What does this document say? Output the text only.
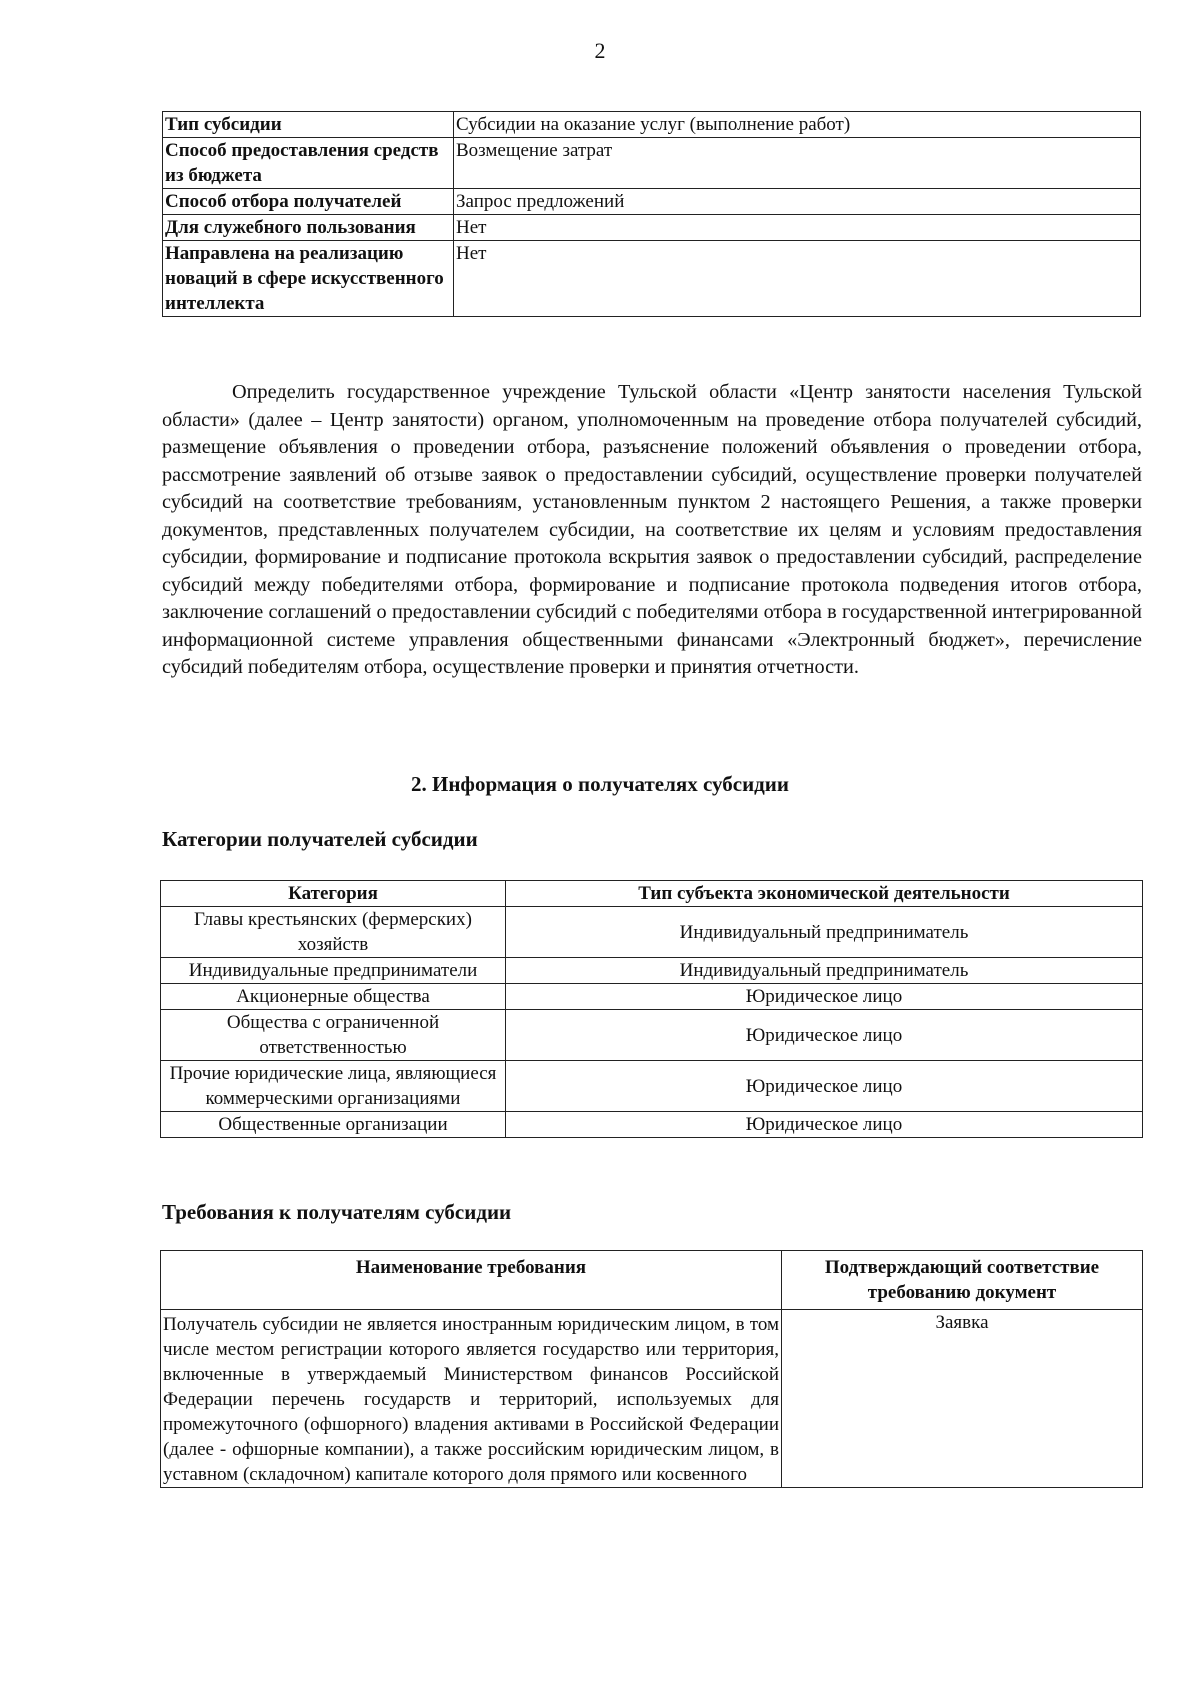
2
Тип субсидии	Субсидии на оказание услуг (выполнение работ)
Способ предоставления средств из бюджета	Возмещение затрат
Способ отбора получателей	Запрос предложений
Для служебного пользования	Нет
Направлена на реализацию новаций в сфере искусственного интеллекта	Нет

Определить государственное учреждение Тульской области «Центр занятости населения Тульской области» (далее – Центр занятости) органом, уполномоченным на проведение отбора получателей субсидий, размещение объявления о проведении отбора, разъяснение положений объявления о проведении отбора, рассмотрение заявлений об отзыве заявок о предоставлении субсидий, осуществление проверки получателей субсидий на соответствие требованиям, установленным пунктом 2 настоящего Решения, а также проверки документов, представленных получателем субсидии, на соответствие их целям и условиям предоставления субсидии, формирование и подписание протокола вскрытия заявок о предоставлении субсидий, распределение субсидий между победителями отбора, формирование и подписание протокола подведения итогов отбора, заключение соглашений о предоставлении субсидий с победителями отбора в государственной интегрированной информационной системе управления общественными финансами «Электронный бюджет», перечисление субсидий победителям отбора, осуществление проверки и принятия отчетности.

2. Информация о получателях субсидии
Категории получателей субсидии
Категория	Тип субъекта экономической деятельности
Главы крестьянских (фермерских) хозяйств	Индивидуальный предприниматель
Индивидуальные предприниматели	Индивидуальный предприниматель
Акционерные общества	Юридическое лицо
Общества с ограниченной ответственностью	Юридическое лицо
Прочие юридические лица, являющиеся коммерческими организациями	Юридическое лицо
Общественные организации	Юридическое лицо
Требования к получателям субсидии
Наименование требования	Подтверждающий соответствие требованию документ
Получатель субсидии не является иностранным юридическим лицом, в том числе местом регистрации которого является государство или территория, включенные в утверждаемый Министерством финансов Российской Федерации перечень государств и территорий, используемых для промежуточного (офшорного) владения активами в Российской Федерации (далее - офшорные компании), а также российским юридическим лицом, в уставном (складочном) капитале которого доля прямого или косвенного	Заявка
